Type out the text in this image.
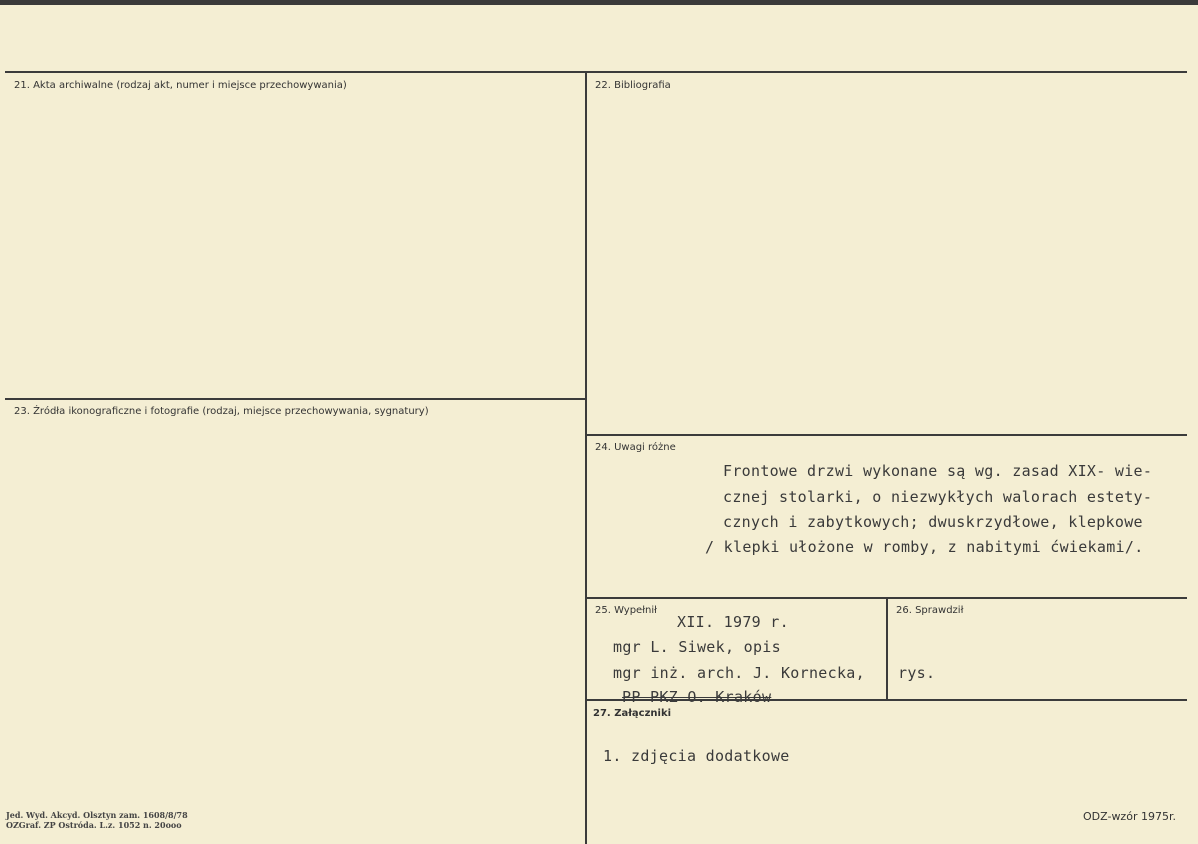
21. Akta archiwalne (rodzaj akt, numer i miejsce przechowywania)	22. Bibliografia
23. Źródła ikonograficzne i fotografie (rodzaj, miejsce przechowywania, sygnatury)
24. Uwagi różne
25. Wypełnił	26. Sprawdził
27. Załączniki
Frontowe drzwi wykonane są wg. zasad XIX- wie-
cznej stolarki, o niezwykłych walorach estety-
cznych i zabytkowych; dwuskrzydłowe, klepkowe
/ klepki ułożone w romby, z nabitymi ćwiekami/.
XII. 1979 r.
mgr L. Siwek, opis
mgr inż. arch. J. Kornecka,
PP PKZ O. Kraków
rys.
1. zdjęcia dodatkowe
Jed. Wyd. Akcyd. Olsztyn zam. 1608/8/78
OZGraf. ZP Ostróda. L.z. 1052 n. 20ooo
ODZ-wzór 1975r.
